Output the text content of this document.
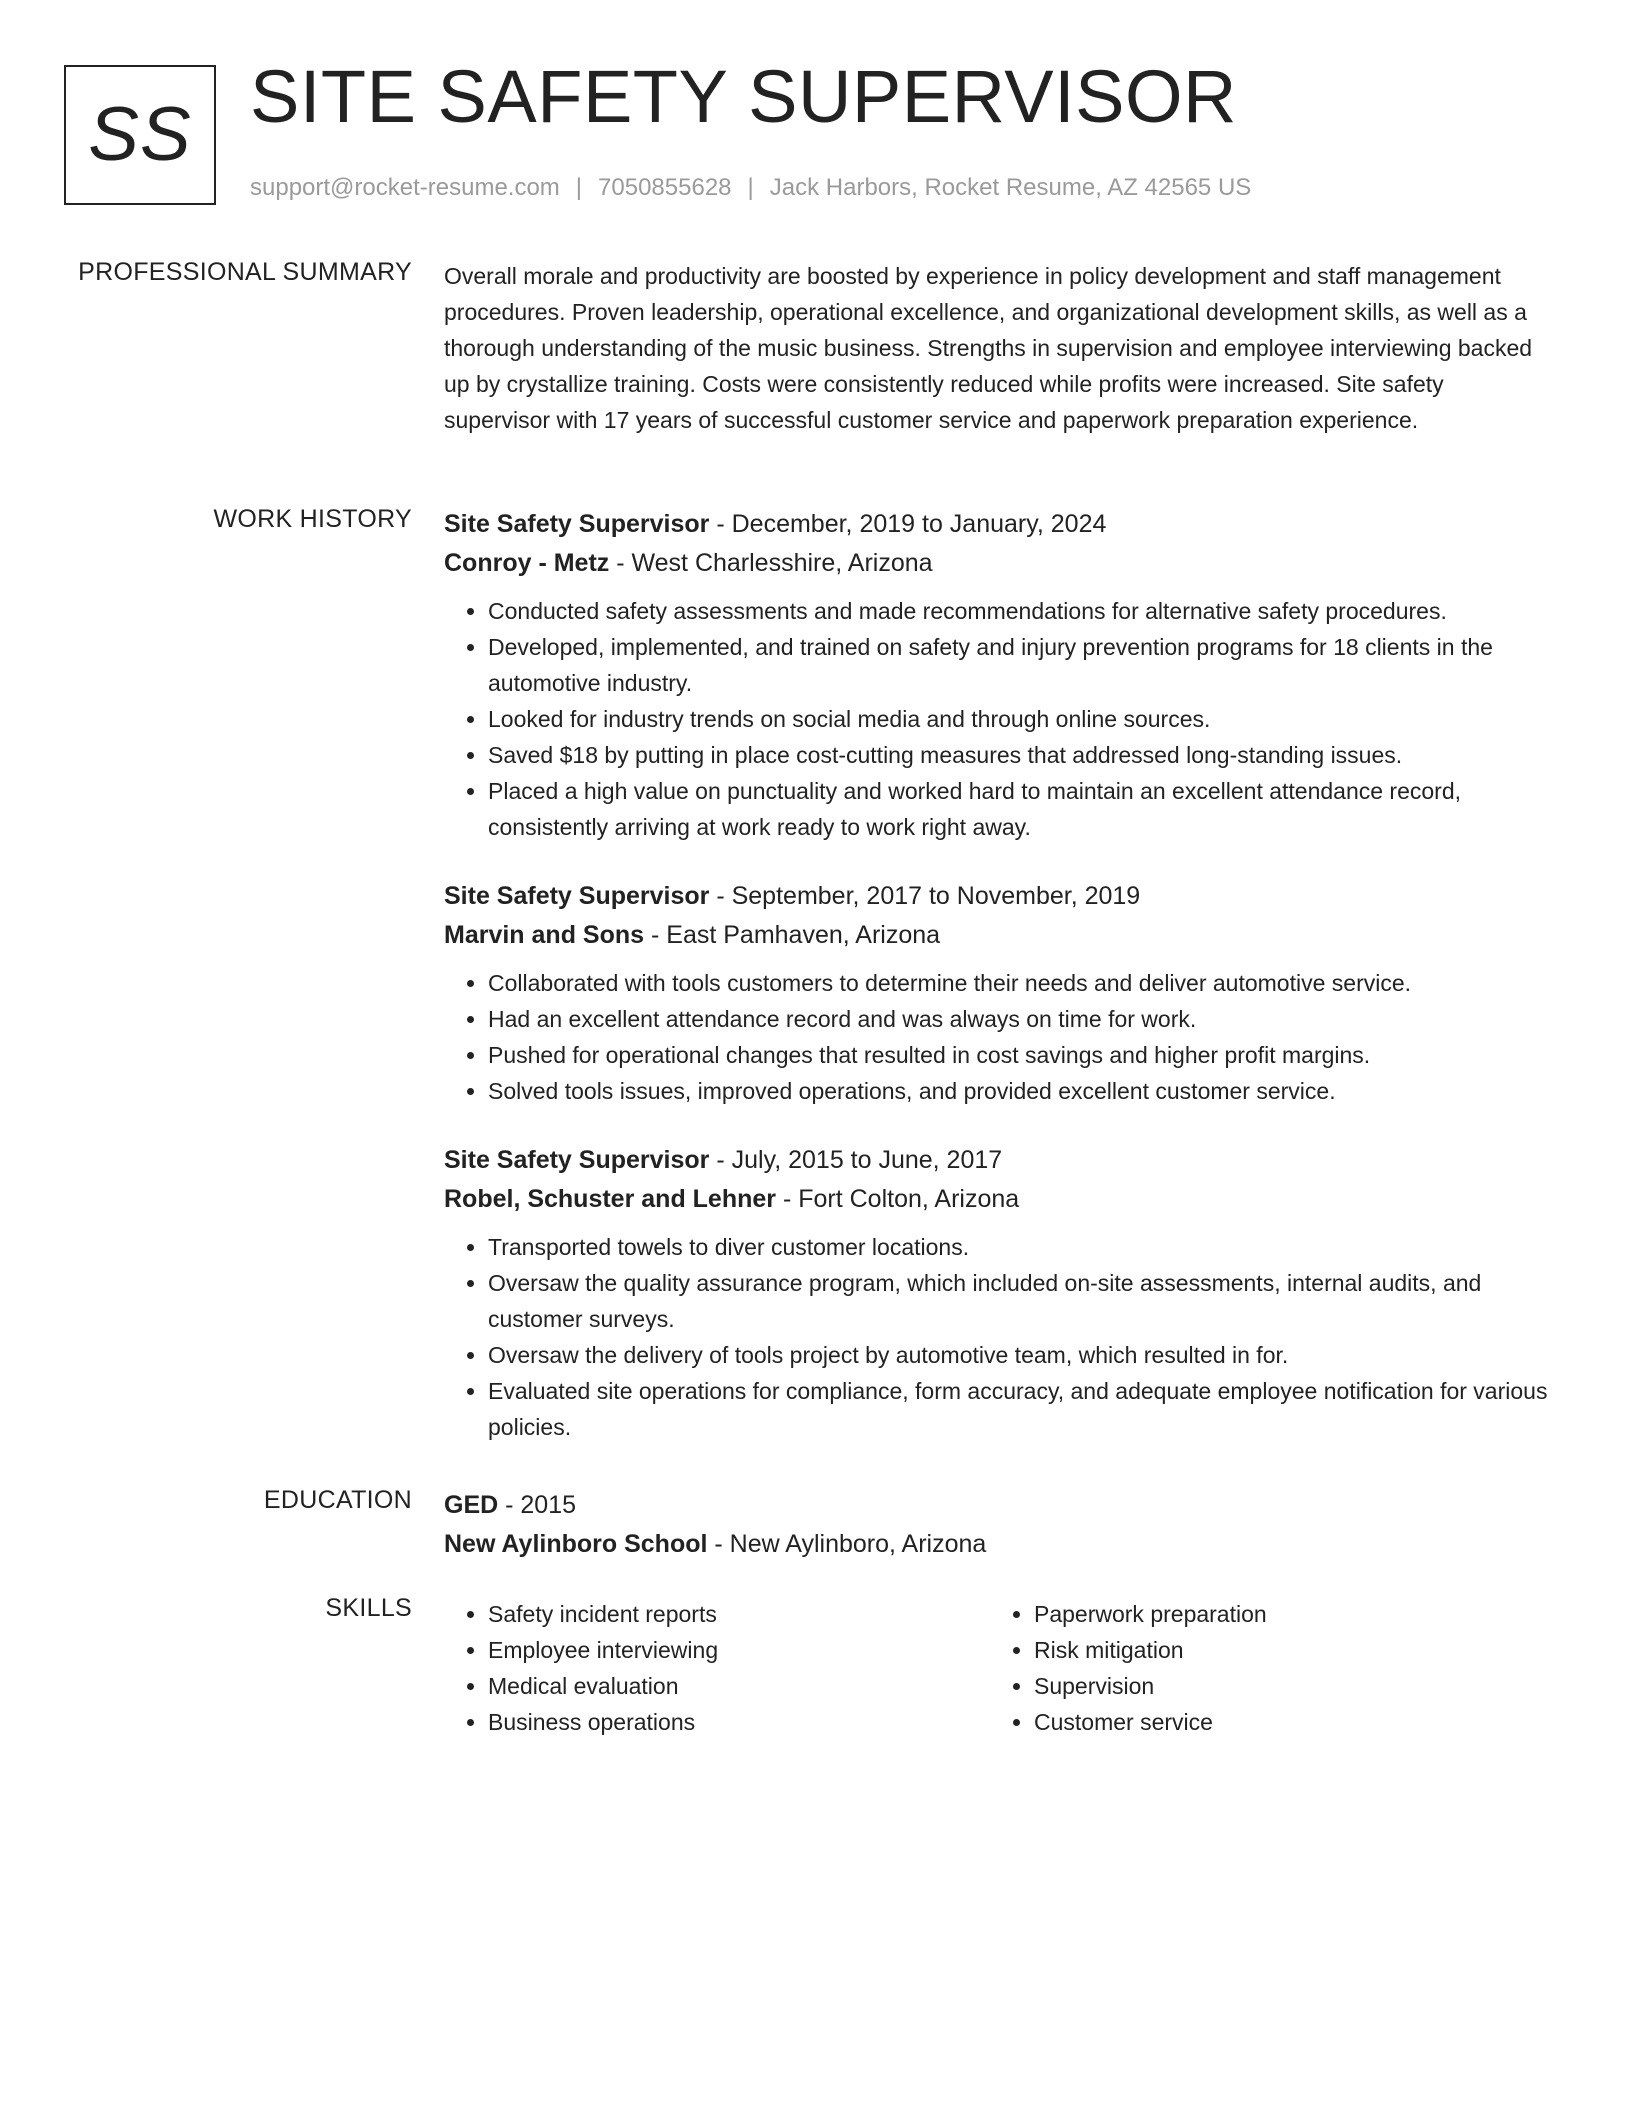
SS SITE SAFETY SUPERVISOR
support@rocket-resume.com | 7050855628 | Jack Harbors, Rocket Resume, AZ 42565 US
PROFESSIONAL SUMMARY Overall morale and productivity are boosted by experience in policy development and staff management procedures. Proven leadership, operational excellence, and organizational development skills, as well as a thorough understanding of the music business. Strengths in supervision and employee interviewing backed up by crystallize training. Costs were consistently reduced while profits were increased. Site safety supervisor with 17 years of successful customer service and paperwork preparation experience.

WORK HISTORY Site Safety Supervisor - December, 2019 to January, 2024
Conroy - Metz - West Charlesshire, Arizona
• Conducted safety assessments and made recommendations for alternative safety procedures.
• Developed, implemented, and trained on safety and injury prevention programs for 18 clients in the automotive industry.
• Looked for industry trends on social media and through online sources.
• Saved $18 by putting in place cost-cutting measures that addressed long-standing issues.
• Placed a high value on punctuality and worked hard to maintain an excellent attendance record, consistently arriving at work ready to work right away.
Site Safety Supervisor - September, 2017 to November, 2019
Marvin and Sons - East Pamhaven, Arizona
• Collaborated with tools customers to determine their needs and deliver automotive service.
• Had an excellent attendance record and was always on time for work.
• Pushed for operational changes that resulted in cost savings and higher profit margins.
• Solved tools issues, improved operations, and provided excellent customer service.
Site Safety Supervisor - July, 2015 to June, 2017
Robel, Schuster and Lehner - Fort Colton, Arizona
• Transported towels to diver customer locations.
• Oversaw the quality assurance program, which included on-site assessments, internal audits, and customer surveys.
• Oversaw the delivery of tools project by automotive team, which resulted in for.
• Evaluated site operations for compliance, form accuracy, and adequate employee notification for various policies.
EDUCATION GED - 2015
New Aylinboro School - New Aylinboro, Arizona
SKILLS
•	Safety incident reports
• Employee interviewing
• Medical evaluation
• Business operations
• Paperwork preparation
• Risk mitigation
• Supervision
• Customer service
